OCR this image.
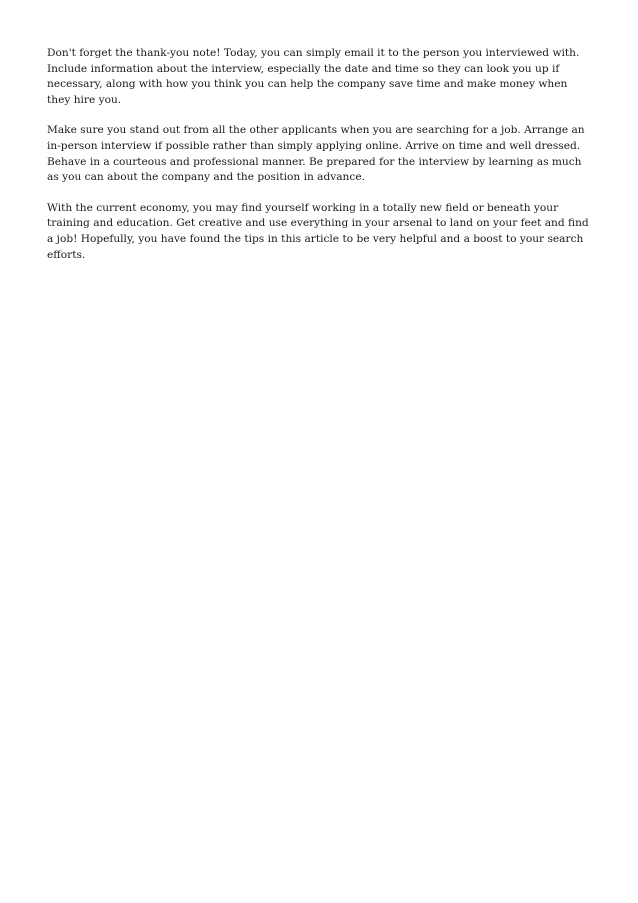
Don't forget the thank-you note! Today, you can simply email it to the person you interviewed with.
Include information about the interview, especially the date and time so they can look you up if
necessary, along with how you think you can help the company save time and make money when
they hire you.

Make sure you stand out from all the other applicants when you are searching for a job. Arrange an
in-person interview if possible rather than simply applying online. Arrive on time and well dressed.
Behave in a courteous and professional manner. Be prepared for the interview by learning as much
as you can about the company and the position in advance.

With the current economy, you may find yourself working in a totally new field or beneath your
training and education. Get creative and use everything in your arsenal to land on your feet and find
a job! Hopefully, you have found the tips in this article to be very helpful and a boost to your search
efforts.
